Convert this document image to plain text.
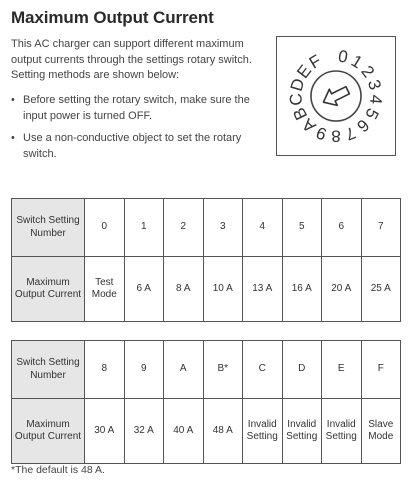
Maximum Output Current
This AC charger can support different maximum output currents through the settings rotary switch. Setting methods are shown below:
• Before setting the rotary switch, make sure the input power is turned OFF.
• Use a non-conductive object to set the rotary switch.
0
1
2
3
4
5
6
7
8
9
A
B
C
D
E
F
Switch Setting Number	0	1	2	3	4	5	6	7
Maximum Output Current	Test Mode	6 A	8 A	10 A	13 A	16 A	20 A	25 A
Switch Setting Number	8	9	A	B*	C	D	E	F
Maximum Output Current	30 A	32 A	40 A	48 A	Invalid Setting	Invalid Setting	Invalid Setting	Slave Mode
*The default is 48 A.
